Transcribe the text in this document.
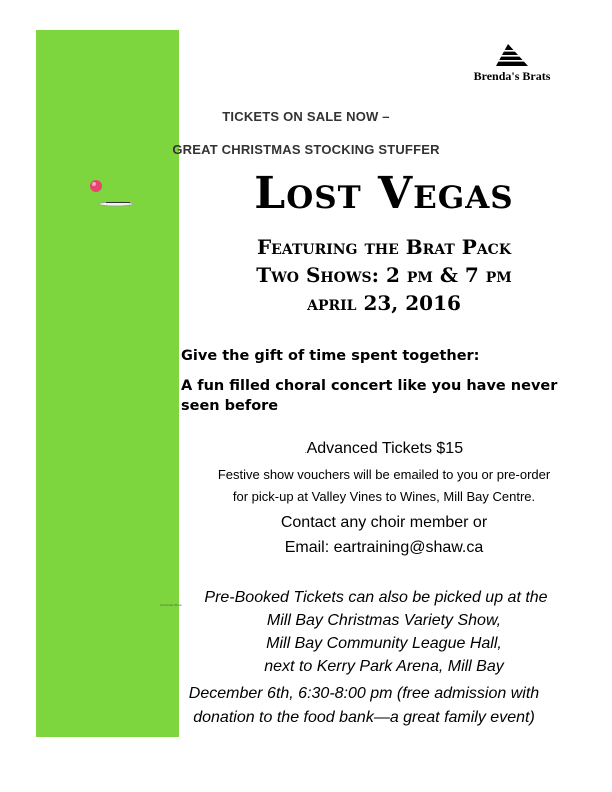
Brenda's Brats
TICKETS ON SALE NOW –
GREAT CHRISTMAS STOCKING STUFFER
Lost Vegas
Featuring the Brat Pack
Two Shows: 2 pm & 7 pm
april 23, 2016
Give the gift of time spent together:
A fun filled choral concert like you have never seen before
.Advanced Tickets $15
Festive show vouchers will be emailed to you or pre-order
for pick-up at Valley Vines to Wines, Mill Bay Centre.
Contact any choir member or
Email: eartraining@shaw.ca
Christmas Show	Pre-Booked Tickets can also be picked up at the
Mill Bay Christmas Variety Show,
Mill Bay Community League Hall,
next to Kerry Park Arena, Mill Bay
December 6th, 6:30-8:00 pm (free admission with
donation to the food bank—a great family event)
